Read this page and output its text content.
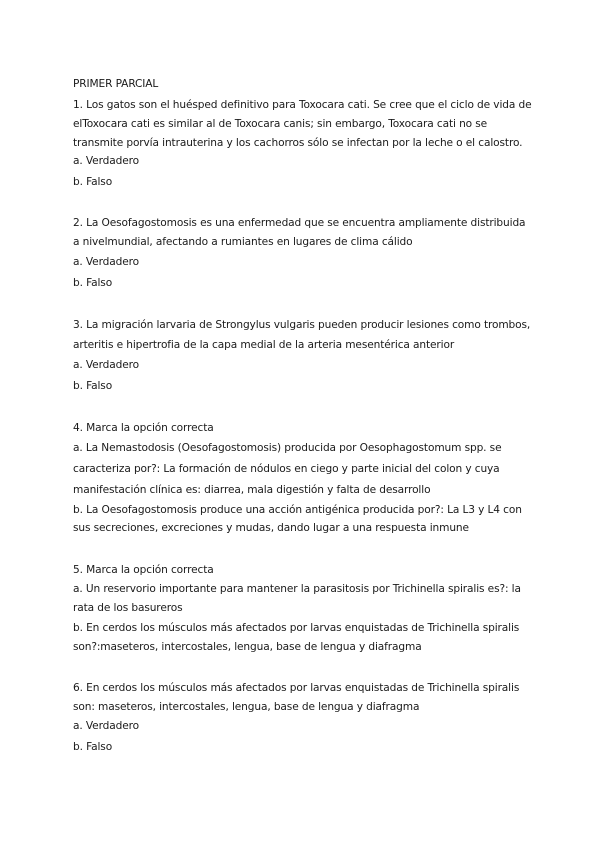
PRIMER PARCIAL
1. Los gatos son el huésped definitivo para Toxocara cati. Se cree que el ciclo de vida de
elToxocara cati es similar al de Toxocara canis; sin embargo, Toxocara cati no se
transmite porvía intrauterina y los cachorros sólo se infectan por la leche o el calostro.
a. Verdadero
b. Falso
2. La Oesofagostomosis es una enfermedad que se encuentra ampliamente distribuida
a nivelmundial, afectando a rumiantes en lugares de clima cálido
a. Verdadero
b. Falso
3. La migración larvaria de Strongylus vulgaris pueden producir lesiones como trombos,
arteritis e hipertrofia de la capa medial de la arteria mesentérica anterior
a. Verdadero
b. Falso
4. Marca la opción correcta
a. La Nemastodosis (Oesofagostomosis) producida por Oesophagostomum spp. se
caracteriza por?: La formación de nódulos en ciego y parte inicial del colon y cuya
manifestación clínica es: diarrea, mala digestión y falta de desarrollo
b. La Oesofagostomosis produce una acción antigénica producida por?: La L3 y L4 con
sus secreciones, excreciones y mudas, dando lugar a una respuesta inmune
5. Marca la opción correcta
a. Un reservorio importante para mantener la parasitosis por Trichinella spiralis es?: la
rata de los basureros
b. En cerdos los músculos más afectados por larvas enquistadas de Trichinella spiralis
son?:maseteros, intercostales, lengua, base de lengua y diafragma
6. En cerdos los músculos más afectados por larvas enquistadas de Trichinella spiralis
son: maseteros, intercostales, lengua, base de lengua y diafragma
a. Verdadero
b. Falso
